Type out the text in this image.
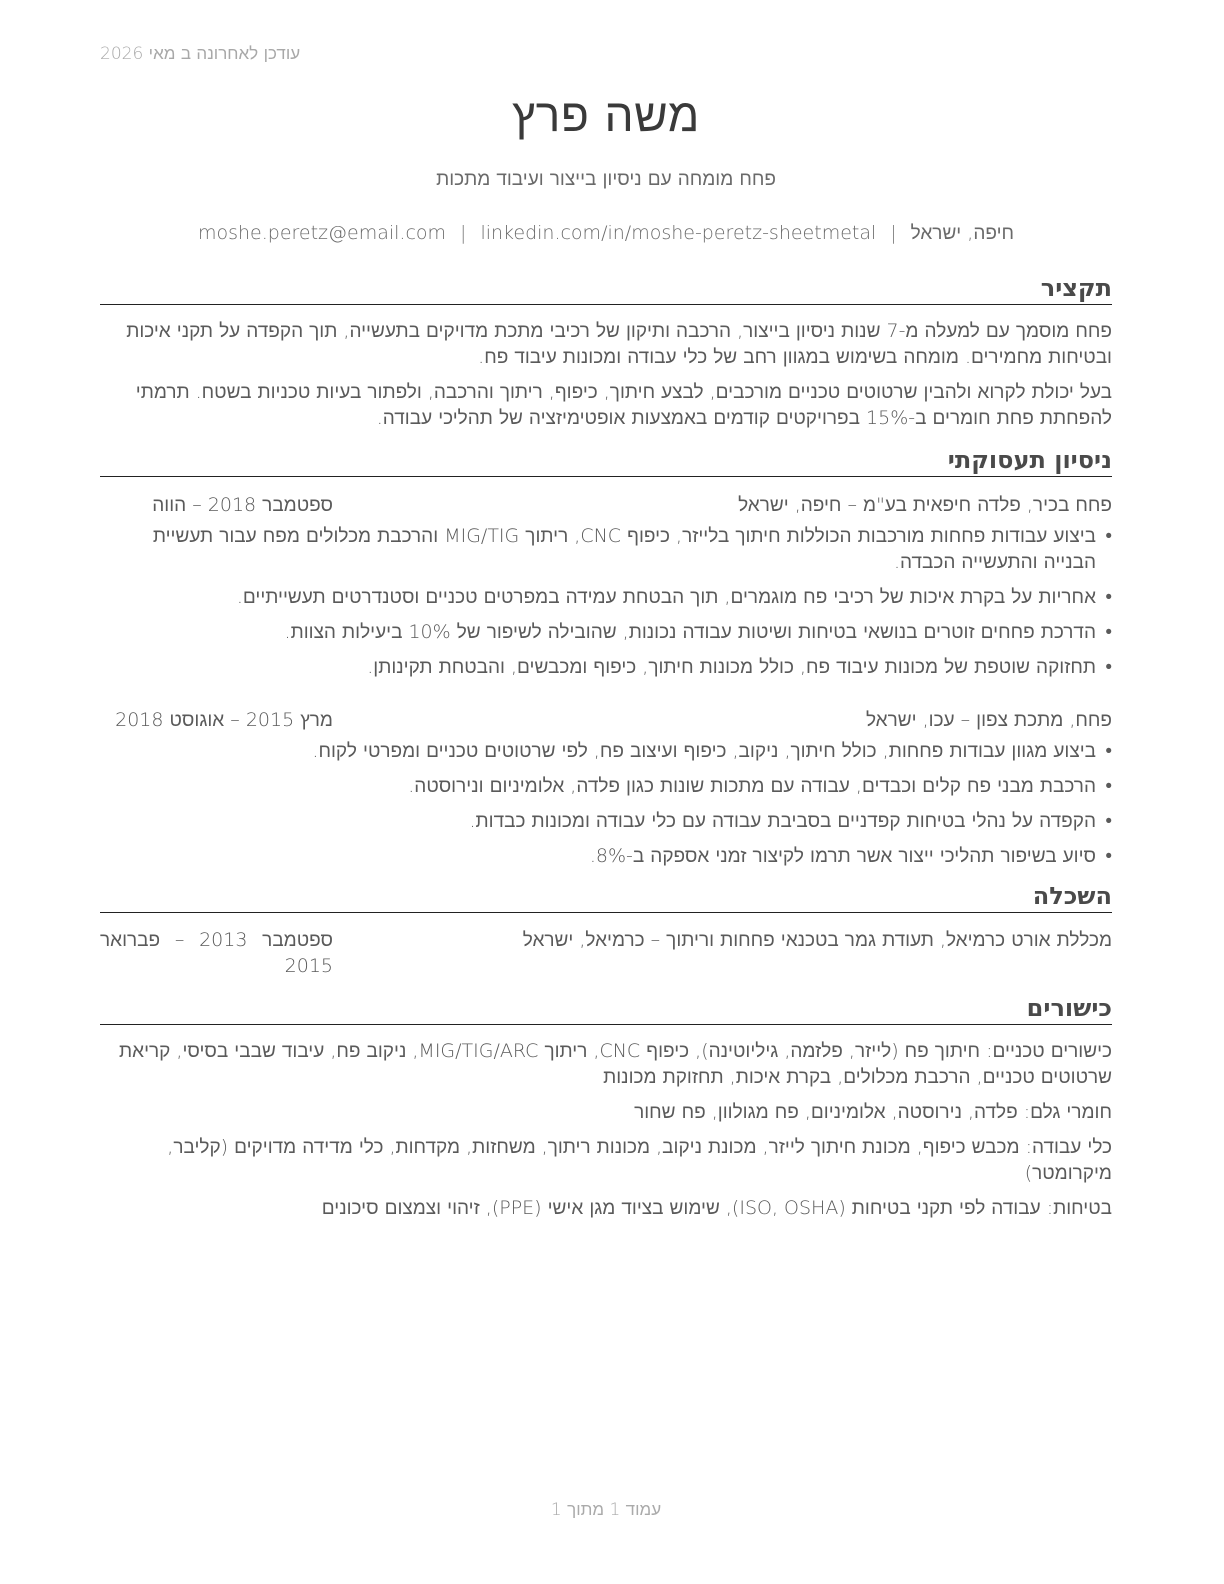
עודכן לאחרונה ב מאי 2026
משה פרץ
פחח מומחה עם ניסיון בייצור ועיבוד מתכות
חיפה, ישראל|moshe.peretz@email.com | linkedin.com/in/moshe-peretz-sheetmetal
תקציר

פחח מוסמך עם למעלה מ-7 שנות ניסיון בייצור, הרכבה ותיקון של רכיבי מתכת מדויקים בתעשייה, תוך הקפדה על תקני איכות ובטיחות מחמירים. מומחה בשימוש במגוון רחב של כלי עבודה ומכונות עיבוד פח.

בעל יכולת לקרוא ולהבין שרטוטים טכניים מורכבים, לבצע חיתוך, כיפוף, ריתוך והרכבה, ולפתור בעיות טכניות בשטח. תרמתי להפחתת פחת חומרים ב-15% בפרויקטים קודמים באמצעות אופטימיזציה של תהליכי עבודה.

ניסיון תעסוקתי
פחח בכיר, פלדה חיפאית בע"מ – חיפה, ישראל
ספטמבר 2018 – הווה
• ביצוע עבודות פחחות מורכבות הכוללות חיתוך בלייזר, כיפוף CNC, ריתוך MIG/TIG והרכבת מכלולים מפח עבור תעשיית הבנייה והתעשייה הכבדה.
• אחריות על בקרת איכות של רכיבי פח מוגמרים, תוך הבטחת עמידה במפרטים טכניים וסטנדרטים תעשייתיים.
• הדרכת פחחים זוטרים בנושאי בטיחות ושיטות עבודה נכונות, שהובילה לשיפור של 10% ביעילות הצוות.
• תחזוקה שוטפת של מכונות עיבוד פח, כולל מכונות חיתוך, כיפוף ומכבשים, והבטחת תקינותן.
פחח, מתכת צפון – עכו, ישראל
מרץ 2015 – אוגוסט 2018
• ביצוע מגוון עבודות פחחות, כולל חיתוך, ניקוב, כיפוף ועיצוב פח, לפי שרטוטים טכניים ומפרטי לקוח.
• הרכבת מבני פח קלים וכבדים, עבודה עם מתכות שונות כגון פלדה, אלומיניום ונירוסטה.
• הקפדה על נהלי בטיחות קפדניים בסביבת עבודה עם כלי עבודה ומכונות כבדות.
• סיוע בשיפור תהליכי ייצור אשר תרמו לקיצור זמני אספקה ב-8%.
השכלה
מכללת אורט כרמיאל, תעודת גמר בטכנאי פחחות וריתוך – כרמיאל, ישראל
ספטמבר 2013 – פברואר 2015
כישורים

כישורים טכניים: חיתוך פח (לייזר, פלזמה, גיליוטינה), כיפוף CNC, ריתוך MIG/TIG/ARC, ניקוב פח, עיבוד שבבי בסיסי, קריאת שרטוטים טכניים, הרכבת מכלולים, בקרת איכות, תחזוקת מכונות

חומרי גלם: פלדה, נירוסטה, אלומיניום, פח מגולוון, פח שחור

כלי עבודה: מכבש כיפוף, מכונת חיתוך לייזר, מכונת ניקוב, מכונות ריתוך, משחזות, מקדחות, כלי מדידה מדויקים (קליבר, מיקרומטר)

בטיחות: עבודה לפי תקני בטיחות (ISO, OSHA), שימוש בציוד מגן אישי (PPE), זיהוי וצמצום סיכונים

עמוד 1 מתוך 1
